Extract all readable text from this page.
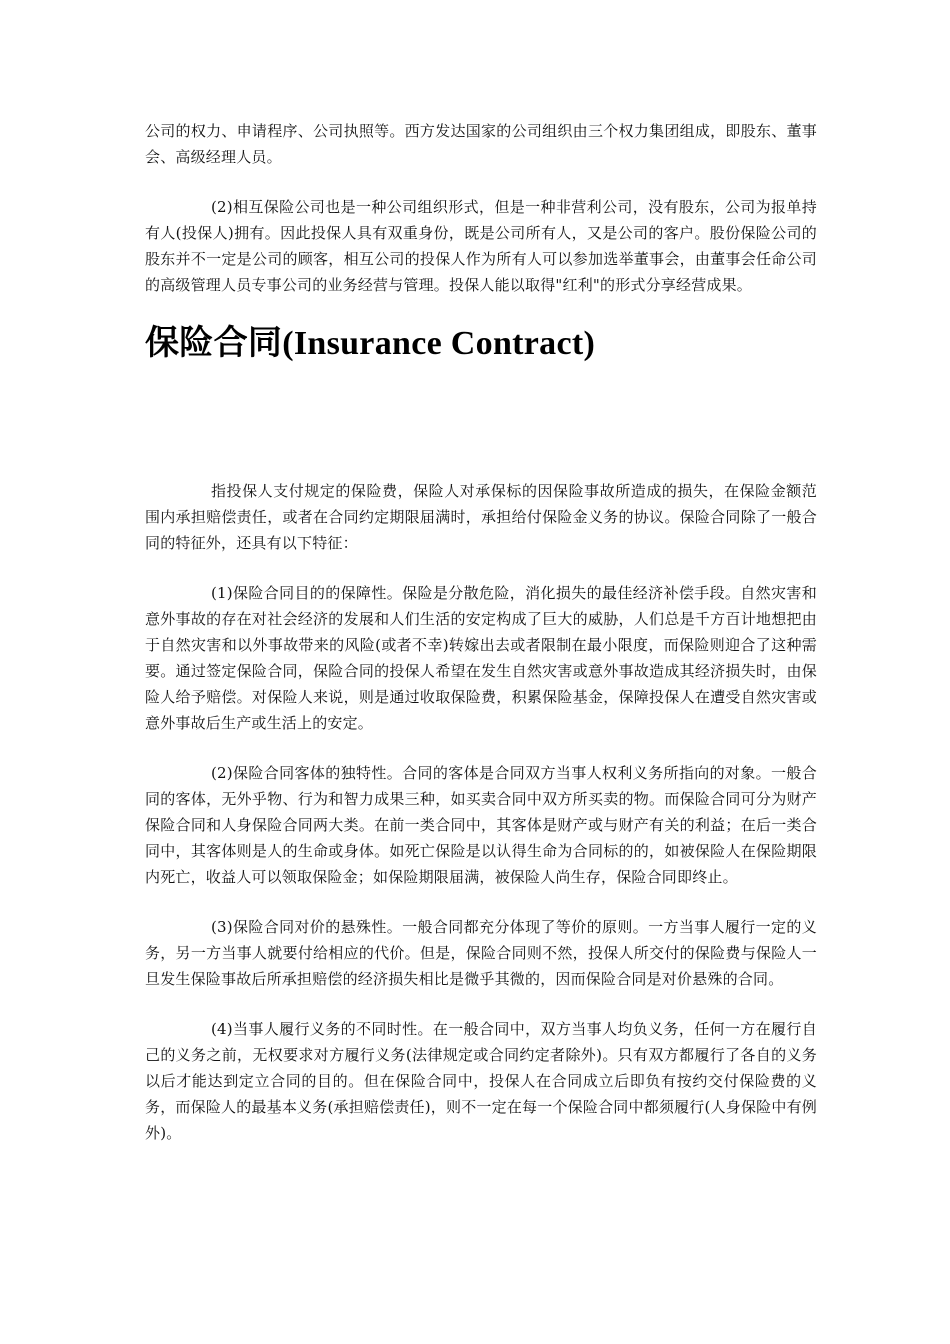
公司的权力、申请程序、公司执照等。西方发达国家的公司组织由三个权力集团组成，即股东、董事会、高级经理人员。

(2)相互保险公司也是一种公司组织形式，但是一种非营利公司，没有股东，公司为报单持有人(投保人)拥有。因此投保人具有双重身份，既是公司所有人，又是公司的客户。股份保险公司的股东并不一定是公司的顾客，相互公司的投保人作为所有人可以参加选举董事会，由董事会任命公司的高级管理人员专事公司的业务经营与管理。投保人能以取得"红利"的形式分享经营成果。

保险合同(Insurance Contract)

指投保人支付规定的保险费，保险人对承保标的因保险事故所造成的损失，在保险金额范围内承担赔偿责任，或者在合同约定期限届满时，承担给付保险金义务的协议。保险合同除了一般合同的特征外，还具有以下特征：

(1)保险合同目的的保障性。保险是分散危险，消化损失的最佳经济补偿手段。自然灾害和意外事故的存在对社会经济的发展和人们生活的安定构成了巨大的威胁，人们总是千方百计地想把由于自然灾害和以外事故带来的风险(或者不幸)转嫁出去或者限制在最小限度，而保险则迎合了这种需要。通过签定保险合同，保险合同的投保人希望在发生自然灾害或意外事故造成其经济损失时，由保险人给予赔偿。对保险人来说，则是通过收取保险费，积累保险基金，保障投保人在遭受自然灾害或意外事故后生产或生活上的安定。

(2)保险合同客体的独特性。合同的客体是合同双方当事人权利义务所指向的对象。一般合同的客体，无外乎物、行为和智力成果三种，如买卖合同中双方所买卖的物。而保险合同可分为财产保险合同和人身保险合同两大类。在前一类合同中，其客体是财产或与财产有关的利益；在后一类合同中，其客体则是人的生命或身体。如死亡保险是以认得生命为合同标的的，如被保险人在保险期限内死亡，收益人可以领取保险金；如保险期限届满，被保险人尚生存，保险合同即终止。

(3)保险合同对价的悬殊性。一般合同都充分体现了等价的原则。一方当事人履行一定的义务，另一方当事人就要付给相应的代价。但是，保险合同则不然，投保人所交付的保险费与保险人一旦发生保险事故后所承担赔偿的经济损失相比是微乎其微的，因而保险合同是对价悬殊的合同。

(4)当事人履行义务的不同时性。在一般合同中，双方当事人均负义务，任何一方在履行自己的义务之前，无权要求对方履行义务(法律规定或合同约定者除外)。只有双方都履行了各自的义务以后才能达到定立合同的目的。但在保险合同中，投保人在合同成立后即负有按约交付保险费的义务，而保险人的最基本义务(承担赔偿责任)，则不一定在每一个保险合同中都须履行(人身保险中有例外)。
